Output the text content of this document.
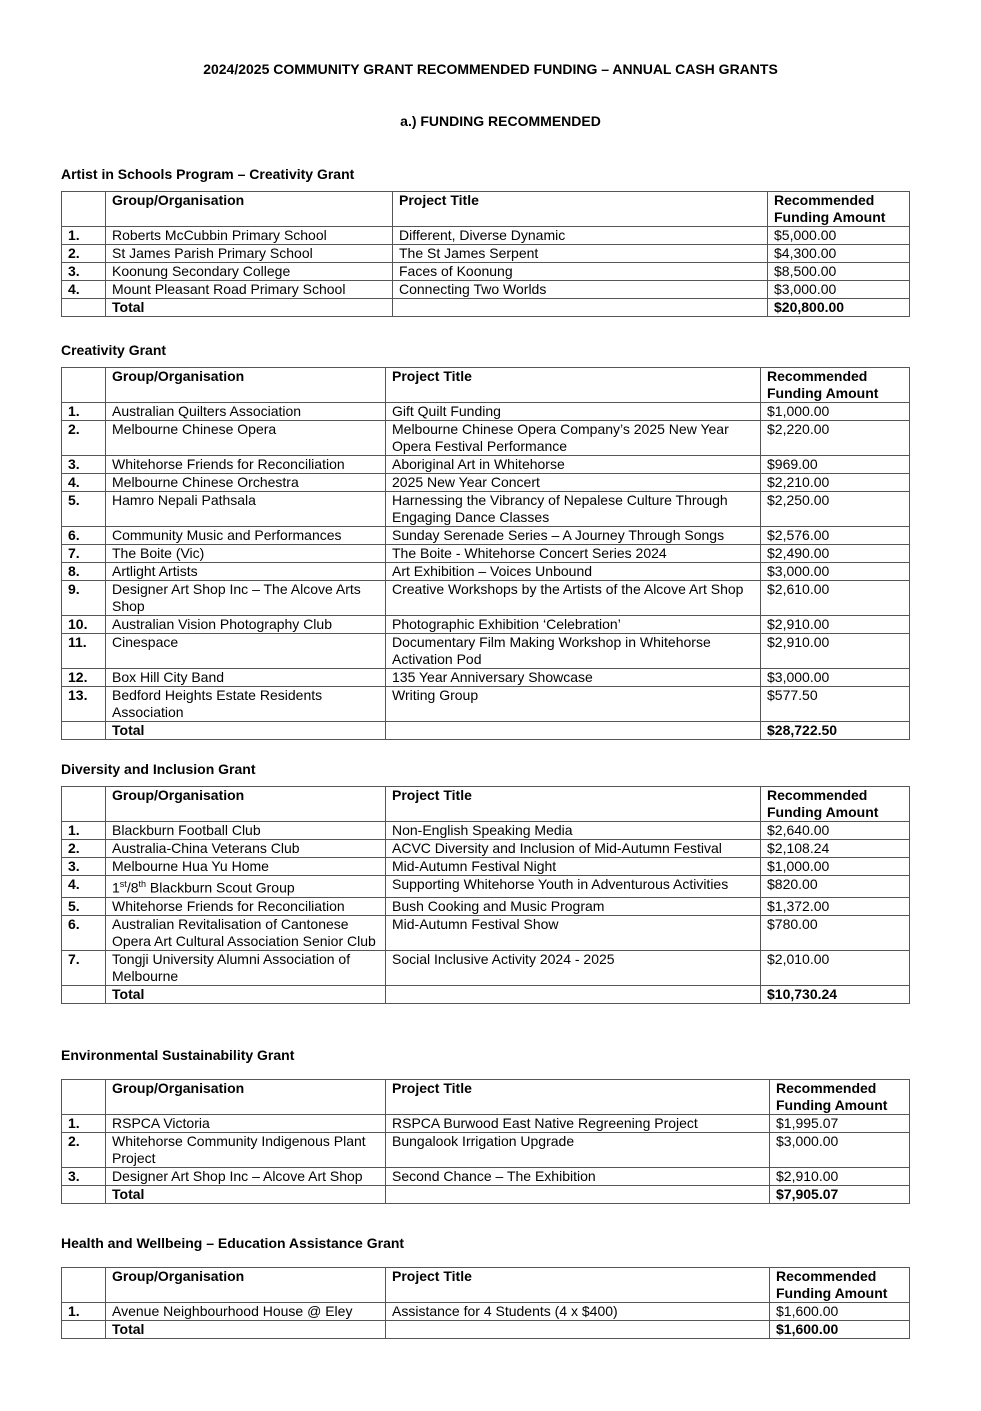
2024/2025 COMMUNITY GRANT RECOMMENDED FUNDING – ANNUAL CASH GRANTS
a.) FUNDING RECOMMENDED
Artist in Schools Program – Creativity Grant
	Group/Organisation	Project Title	Recommended Funding Amount
1.	Roberts McCubbin Primary School	Different, Diverse Dynamic	$5,000.00
2.	St James Parish Primary School	The St James Serpent	$4,300.00
3.	Koonung Secondary College	Faces of Koonung	$8,500.00
4.	Mount Pleasant Road Primary School	Connecting Two Worlds	$3,000.00
	Total		$20,800.00
Creativity Grant
	Group/Organisation	Project Title	Recommended Funding Amount
1.	Australian Quilters Association	Gift Quilt Funding	$1,000.00
2.	Melbourne Chinese Opera	Melbourne Chinese Opera Company’s 2025 New Year Opera Festival Performance	$2,220.00
3.	Whitehorse Friends for Reconciliation	Aboriginal Art in Whitehorse	$969.00
4.	Melbourne Chinese Orchestra	2025 New Year Concert	$2,210.00
5.	Hamro Nepali Pathsala	Harnessing the Vibrancy of Nepalese Culture Through Engaging Dance Classes	$2,250.00
6.	Community Music and Performances	Sunday Serenade Series – A Journey Through Songs	$2,576.00
7.	The Boite (Vic)	The Boite - Whitehorse Concert Series 2024	$2,490.00
8.	Artlight Artists	Art Exhibition – Voices Unbound	$3,000.00
9.	Designer Art Shop Inc – The Alcove Arts Shop	Creative Workshops by the Artists of the Alcove Art Shop	$2,610.00
10.	Australian Vision Photography Club	Photographic Exhibition ‘Celebration’	$2,910.00
11.	Cinespace	Documentary Film Making Workshop in Whitehorse Activation Pod	$2,910.00
12.	Box Hill City Band	135 Year Anniversary Showcase	$3,000.00
13.	Bedford Heights Estate Residents Association	Writing Group	$577.50
	Total		$28,722.50
Diversity and Inclusion Grant
	Group/Organisation	Project Title	Recommended Funding Amount
1.	Blackburn Football Club	Non-English Speaking Media	$2,640.00
2.	Australia-China Veterans Club	ACVC Diversity and Inclusion of Mid-Autumn Festival	$2,108.24
3.	Melbourne Hua Yu Home	Mid-Autumn Festival Night	$1,000.00
4.	1st/8th Blackburn Scout Group	Supporting Whitehorse Youth in Adventurous Activities	$820.00
5.	Whitehorse Friends for Reconciliation	Bush Cooking and Music Program	$1,372.00
6.	Australian Revitalisation of Cantonese Opera Art Cultural Association Senior Club	Mid-Autumn Festival Show	$780.00
7.	Tongji University Alumni Association of Melbourne	Social Inclusive Activity 2024 - 2025	$2,010.00
	Total		$10,730.24
Environmental Sustainability Grant
	Group/Organisation	Project Title	Recommended Funding Amount
1.	RSPCA Victoria	RSPCA Burwood East Native Regreening Project	$1,995.07
2.	Whitehorse Community Indigenous Plant Project	Bungalook Irrigation Upgrade	$3,000.00
3.	Designer Art Shop Inc – Alcove Art Shop	Second Chance – The Exhibition	$2,910.00
	Total		$7,905.07
Health and Wellbeing – Education Assistance Grant
	Group/Organisation	Project Title	Recommended Funding Amount
1.	Avenue Neighbourhood House @ Eley	Assistance for 4 Students (4 x $400)	$1,600.00
	Total		$1,600.00
